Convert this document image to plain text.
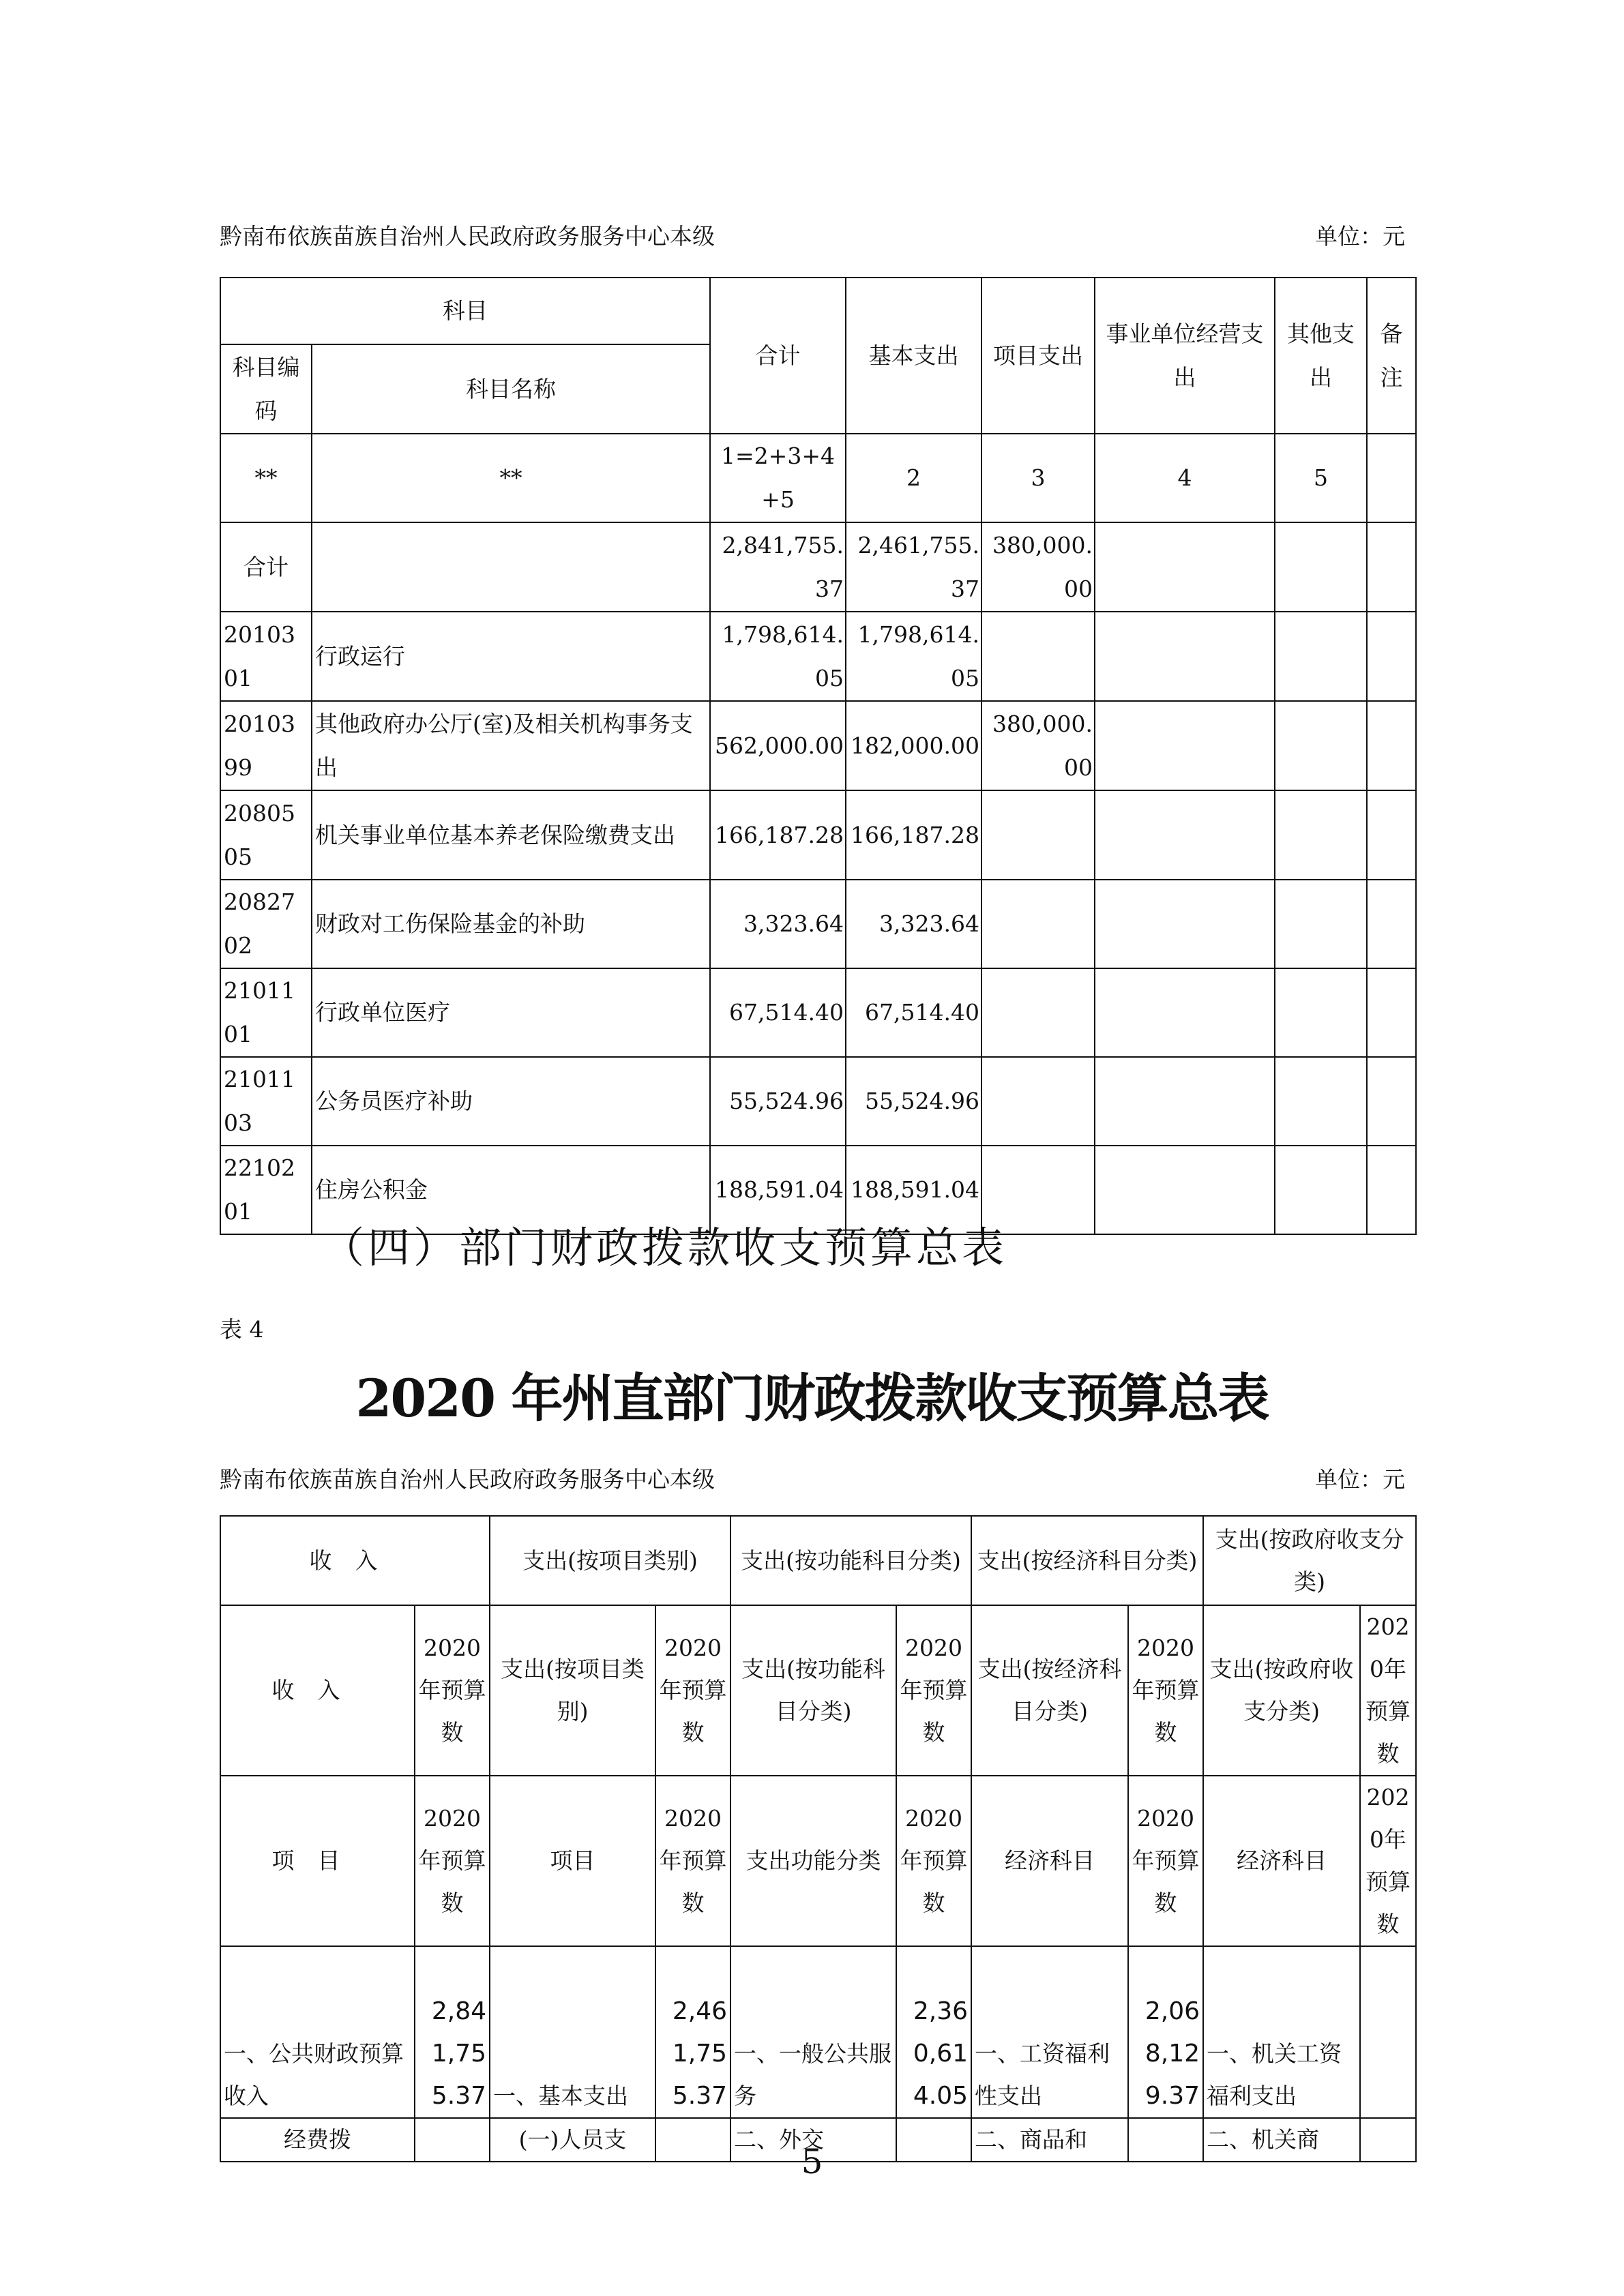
黔南布依族苗族自治州人民政府政务服务中心本级	单位：元
科目		合计	基本支出	项目支出	事业单位经营支出	其他支出	备注
科目编码	科目名称						
**	**	1=2+3+4+5	2	3	4	5	
合计		2,841,755.37	2,461,755.37	380,000.00			
2010301	行政运行	1,798,614.05	1,798,614.05				
2010399	其他政府办公厅(室)及相关机构事务支出	562,000.00	182,000.00	380,000.00			
2080505	机关事业单位基本养老保险缴费支出	166,187.28	166,187.28				
2082702	财政对工伤保险基金的补助	3,323.64	3,323.64				
2101101	行政单位医疗	67,514.40	67,514.40				
2101103	公务员医疗补助	55,524.96	55,524.96				
2210201	住房公积金	188,591.04	188,591.04				
（四）部门财政拨款收支预算总表
表 4
2020 年州直部门财政拨款收支预算总表
黔南布依族苗族自治州人民政府政务服务中心本级	单位：元
收入		支出(按项目类别)		支出(按功能科目分类)		支出(按经济科目分类)		支出(按政府收支分类)	
收入	2020年预算数	支出(按项目类别)	2020年预算数	支出(按功能科目分类)	2020年预算数	支出(按经济科目分类)	2020年预算数	支出(按政府收支分类)	2020年预算数
项目	2020年预算数	项目	2020年预算数	支出功能分类	2020年预算数	经济科目	2020年预算数	经济科目	2020年预算数
一、公共财政预算收入	2,841,755.37	一、基本支出	2,461,755.37	一、一般公共服务	2,360,614.05	一、工资福利性支出	2,068,129.37	一、机关工资福利支出	
经费拨		(一)人员支		二、外交		二、商品和		二、机关商	
5
